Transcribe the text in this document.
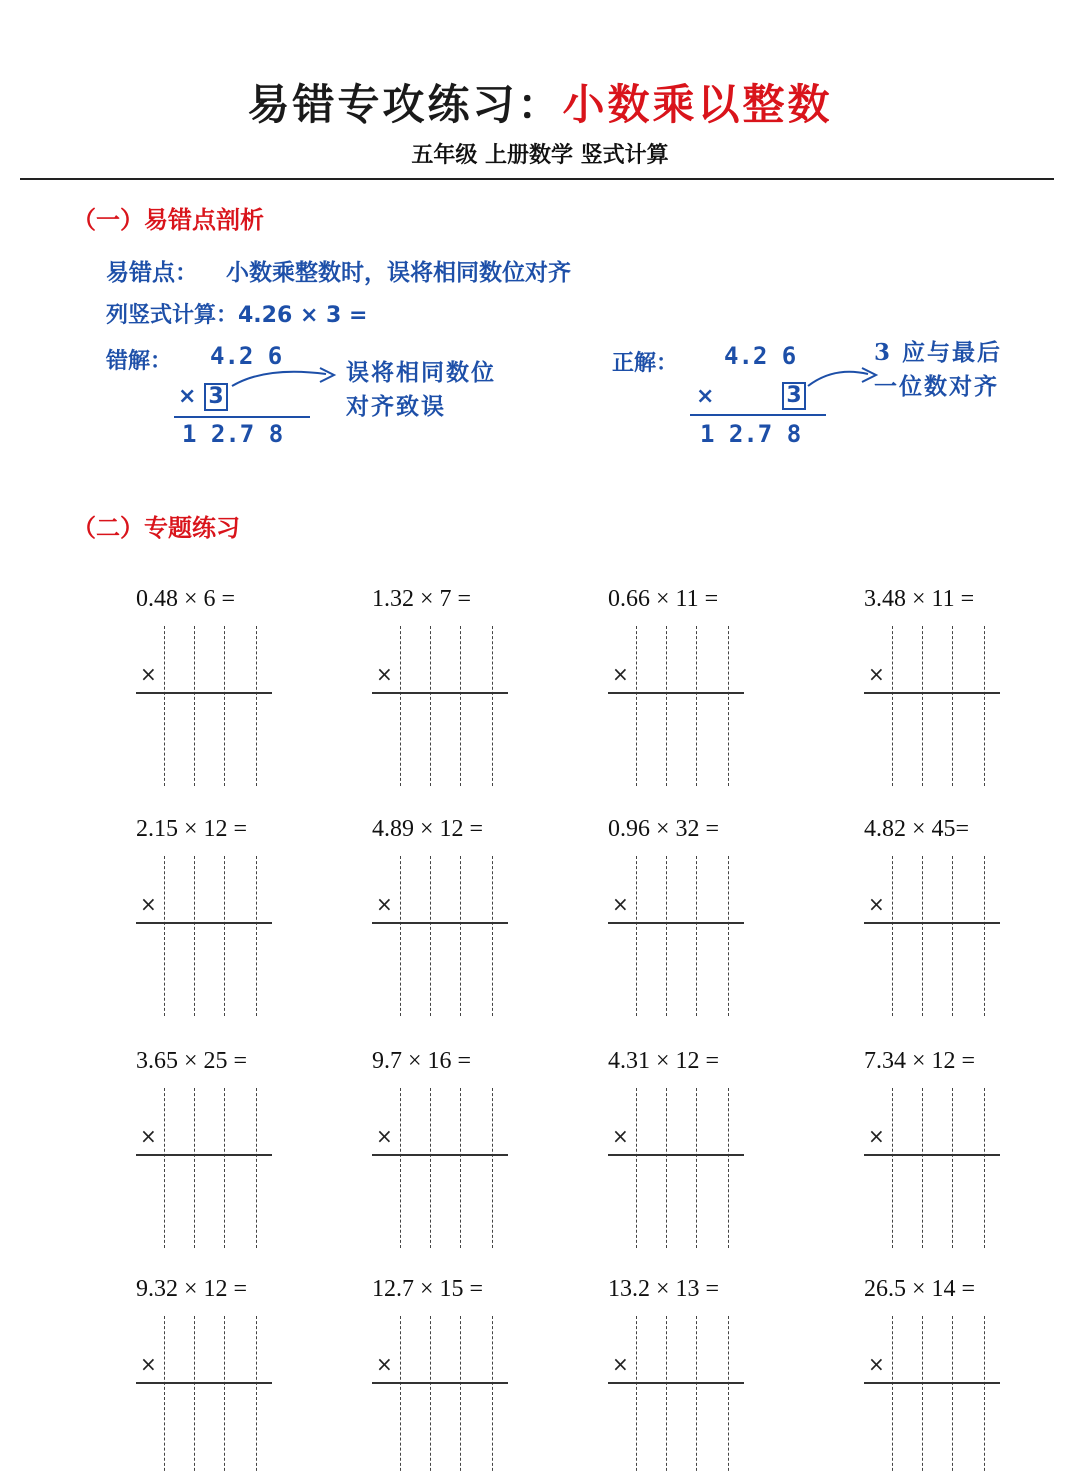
易错专攻练习：小数乘以整数
五年级 上册数学 竖式计算
（一）易错点剖析
易错点： 小数乘整数时，误将相同数位对齐
列竖式计算：4.26 × 3 =
错解： 4.2 6
× 3
1 2.7 8
误将相同数位
对齐致误
正解： 4.2 6
×	3
1 2.7 8
3 应与最后
一位数对齐
（二）专题练习
0.48 × 6 =
×
1.32 × 7 =
×
0.66 × 11 =
×
3.48 × 11 =
×
2.15 × 12 =
×
4.89 × 12 =
×
0.96 × 32 =
×
4.82 × 45=
×
3.65 × 25 =
×
9.7 × 16 =
×
4.31 × 12 =
×
7.34 × 12 =
×
9.32 × 12 =
×
12.7 × 15 =
×
13.2 × 13 =
×
26.5 × 14 =
×
